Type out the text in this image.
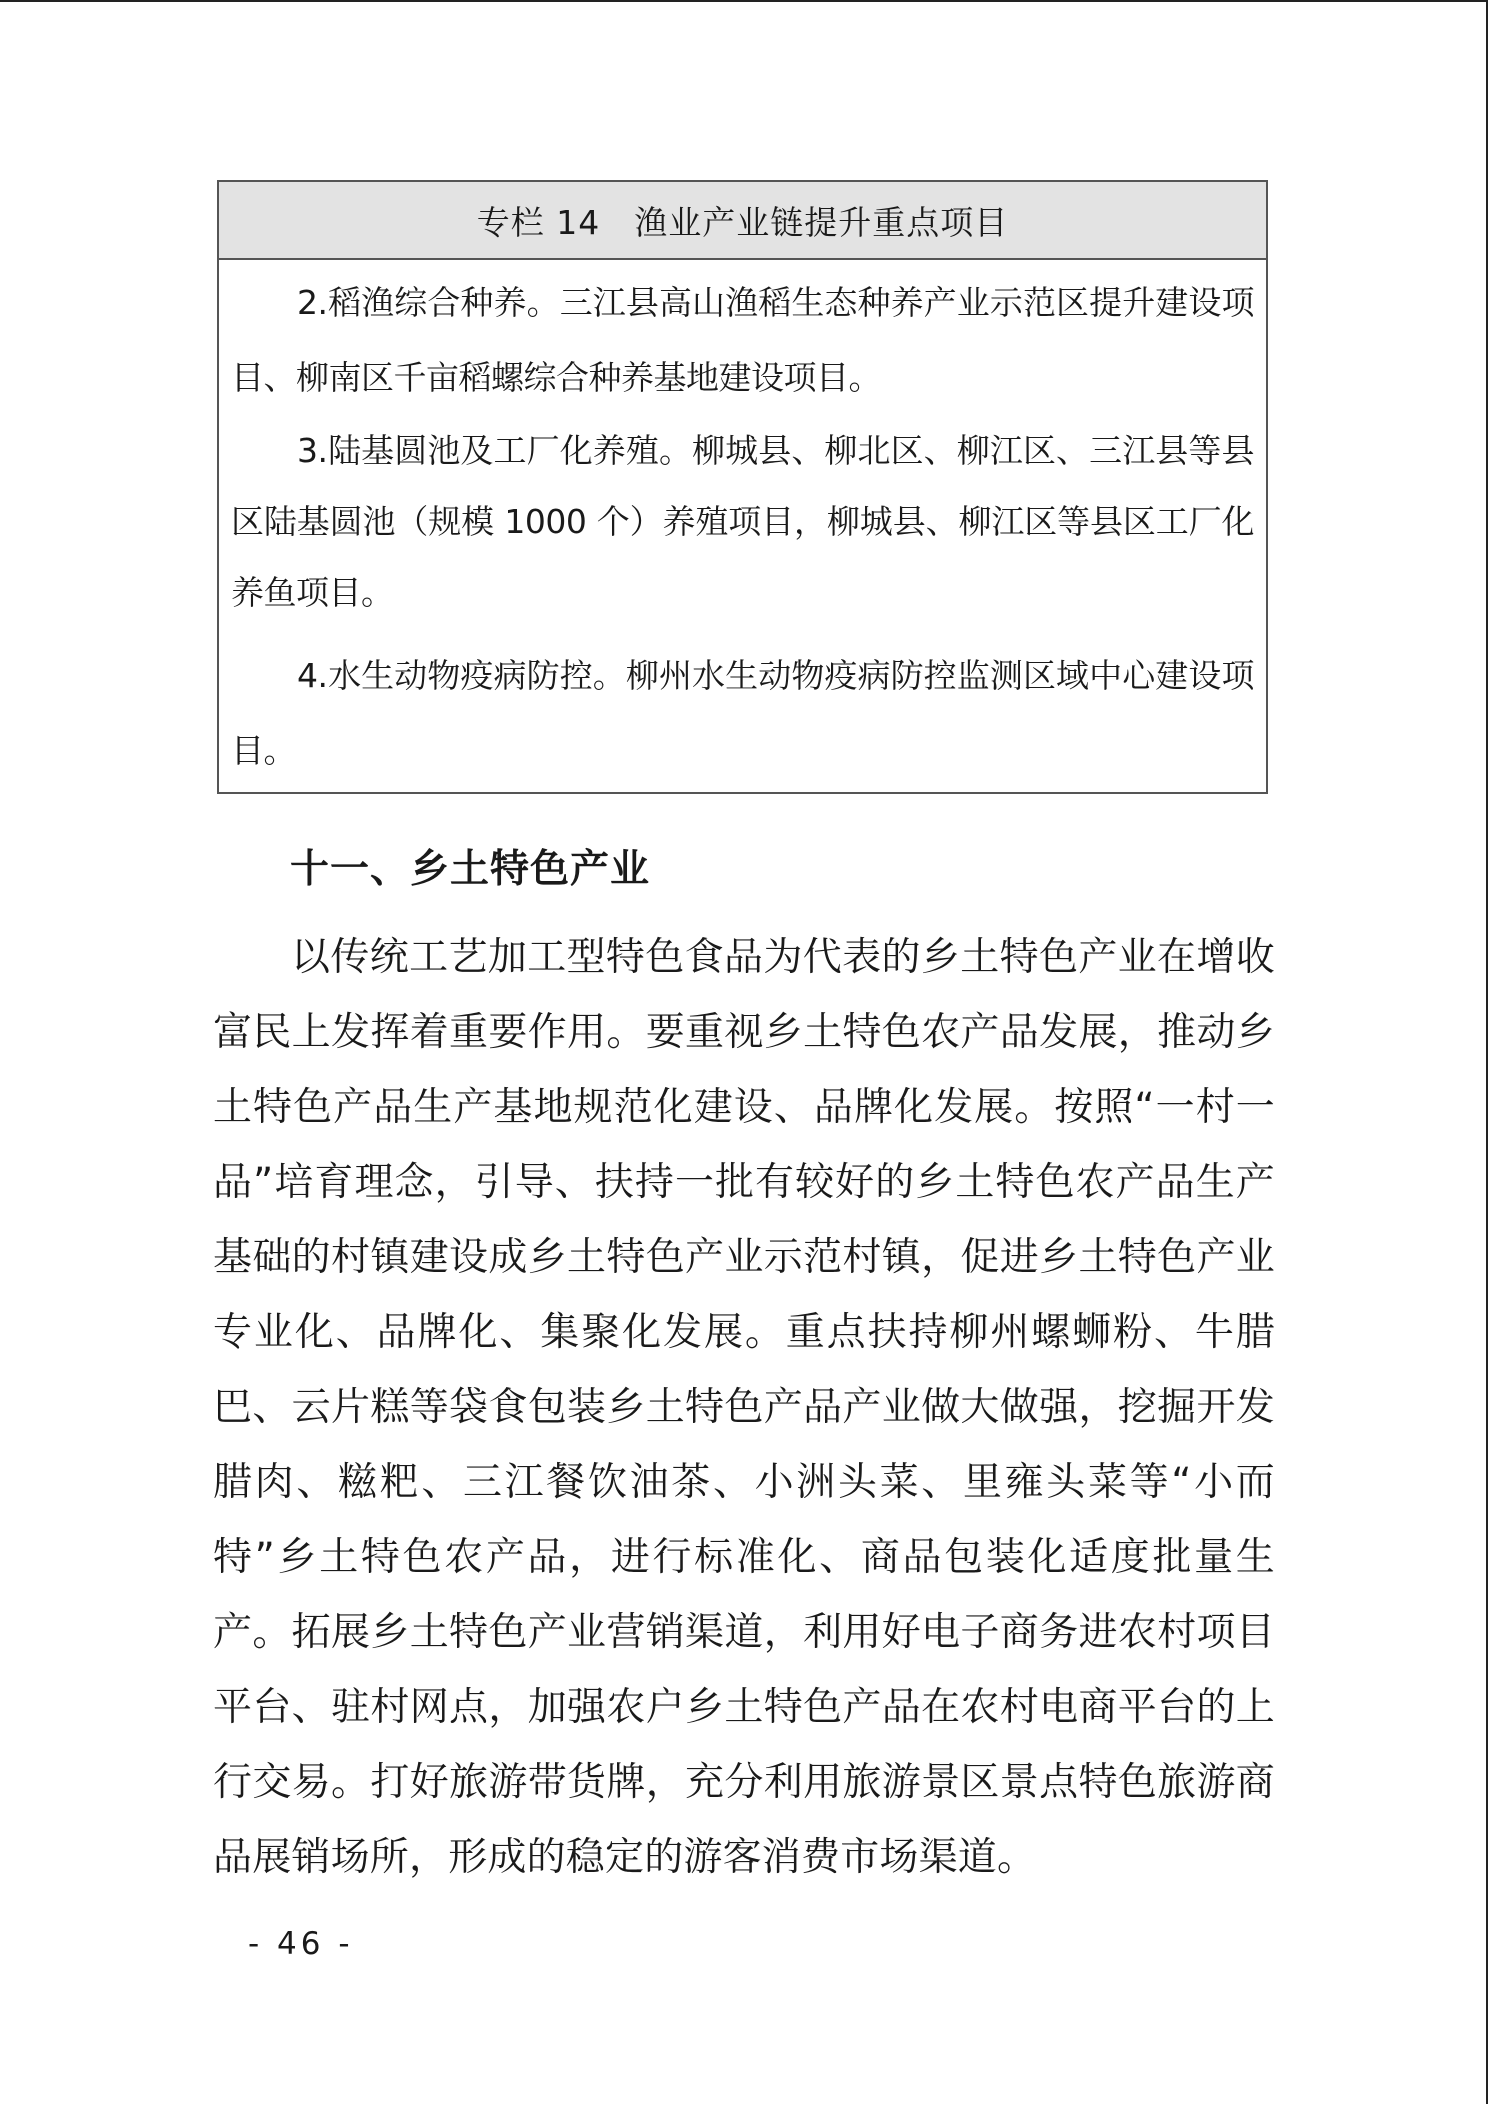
专栏 14　渔业产业链提升重点项目

2.稻渔综合种养。三江县高山渔稻生态种养产业示范区提升建设项目、柳南区千亩稻螺综合种养基地建设项目。

3.陆基圆池及工厂化养殖。柳城县、柳北区、柳江区、三江县等县区陆基圆池（规模 1000 个）养殖项目，柳城县、柳江区等县区工厂化养鱼项目。

4.水生动物疫病防控。柳州水生动物疫病防控监测区域中心建设项目。

十一、乡土特色产业

以传统工艺加工型特色食品为代表的乡土特色产业在增收富民上发挥着重要作用。要重视乡土特色农产品发展，推动乡土特色产品生产基地规范化建设、品牌化发展。按照“一村一品”培育理念，引导、扶持一批有较好的乡土特色农产品生产基础的村镇建设成乡土特色产业示范村镇，促进乡土特色产业专业化、品牌化、集聚化发展。重点扶持柳州螺蛳粉、牛腊巴、云片糕等袋食包装乡土特色产品产业做大做强，挖掘开发腊肉、糍粑、三江餐饮油茶、小洲头菜、里雍头菜等“小而特”乡土特色农产品，进行标准化、商品包装化适度批量生产。拓展乡土特色产业营销渠道，利用好电子商务进农村项目平台、驻村网点，加强农户乡土特色产品在农村电商平台的上行交易。打好旅游带货牌，充分利用旅游景区景点特色旅游商品展销场所，形成的稳定的游客消费市场渠道。

- 46 -
